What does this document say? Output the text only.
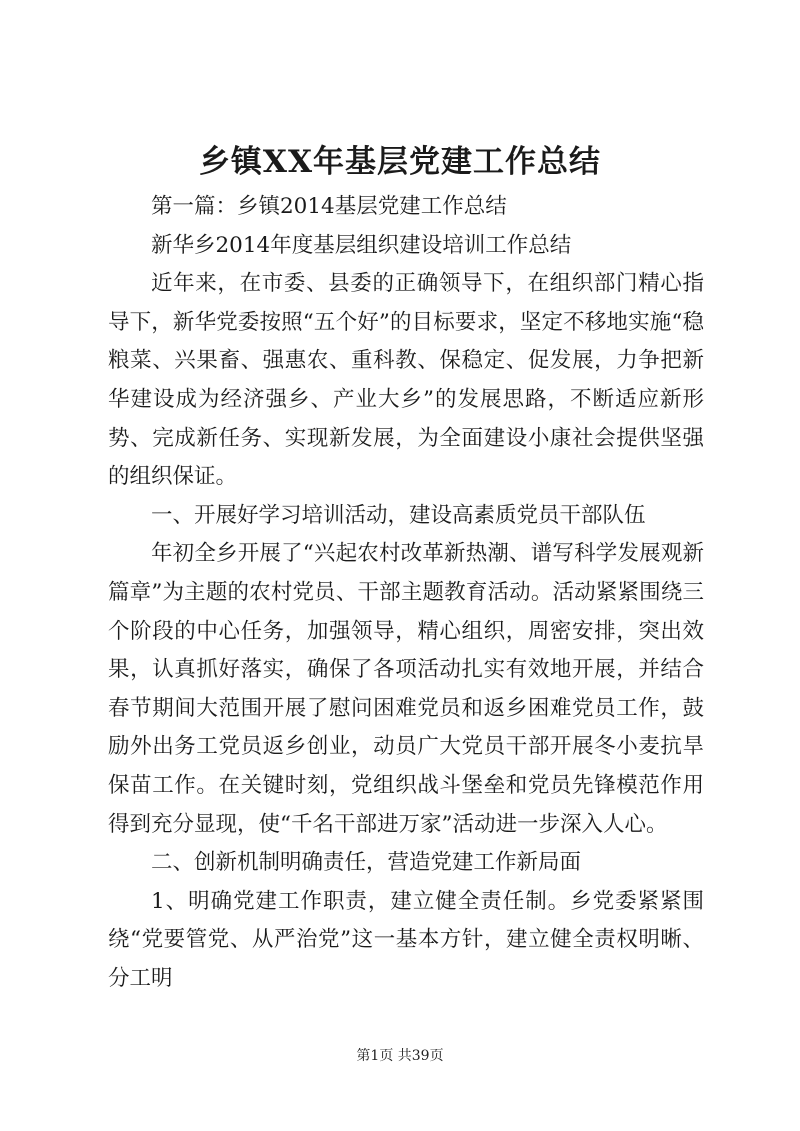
乡镇XX年基层党建工作总结

第一篇：乡镇2014基层党建工作总结

新华乡2014年度基层组织建设培训工作总结

近年来，在市委、县委的正确领导下，在组织部门精心指导下，新华党委按照“五个好”的目标要求，坚定不移地实施“稳粮菜、兴果畜、强惠农、重科教、保稳定、促发展，力争把新华建设成为经济强乡、产业大乡”的发展思路，不断适应新形势、完成新任务、实现新发展，为全面建设小康社会提供坚强的组织保证。

一、开展好学习培训活动，建设高素质党员干部队伍

年初全乡开展了“兴起农村改革新热潮、谱写科学发展观新篇章”为主题的农村党员、干部主题教育活动。活动紧紧围绕三个阶段的中心任务，加强领导，精心组织，周密安排，突出效果，认真抓好落实，确保了各项活动扎实有效地开展，并结合春节期间大范围开展了慰问困难党员和返乡困难党员工作，鼓励外出务工党员返乡创业，动员广大党员干部开展冬小麦抗旱保苗工作。在关键时刻，党组织战斗堡垒和党员先锋模范作用得到充分显现，使“千名干部进万家”活动进一步深入人心。

二、创新机制明确责任，营造党建工作新局面

1、明确党建工作职责，建立健全责任制。乡党委紧紧围绕“党要管党、从严治党”这一基本方针，建立健全责权明晰、分工明

第1页 共39页
